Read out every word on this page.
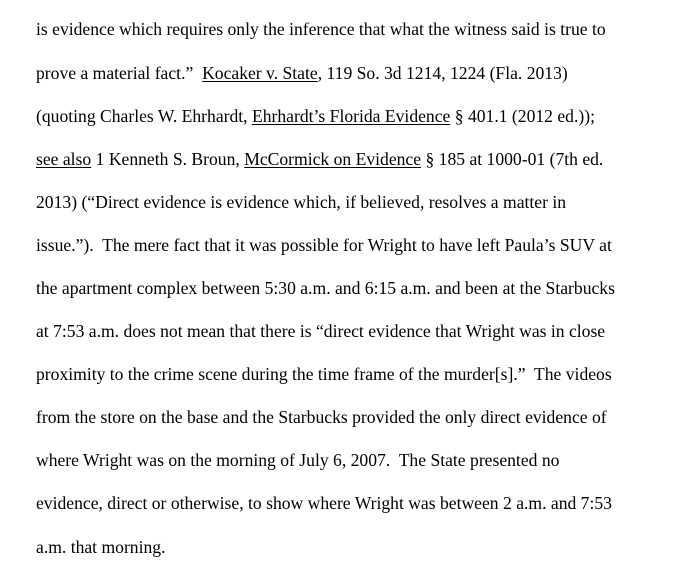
is evidence which requires only the inference that what the witness said is true to
prove a material fact.”  Kocaker v. State, 119 So. 3d 1214, 1224 (Fla. 2013)
(quoting Charles W. Ehrhardt, Ehrhardt’s Florida Evidence § 401.1 (2012 ed.));
see also 1 Kenneth S. Broun, McCormick on Evidence § 185 at 1000-01 (7th ed.
2013) (“Direct evidence is evidence which, if believed, resolves a matter in
issue.”).  The mere fact that it was possible for Wright to have left Paula’s SUV at
the apartment complex between 5:30 a.m. and 6:15 a.m. and been at the Starbucks
at 7:53 a.m. does not mean that there is “direct evidence that Wright was in close
proximity to the crime scene during the time frame of the murder[s].”  The videos
from the store on the base and the Starbucks provided the only direct evidence of
where Wright was on the morning of July 6, 2007.  The State presented no
evidence, direct or otherwise, to show where Wright was between 2 a.m. and 7:53
a.m. that morning.
